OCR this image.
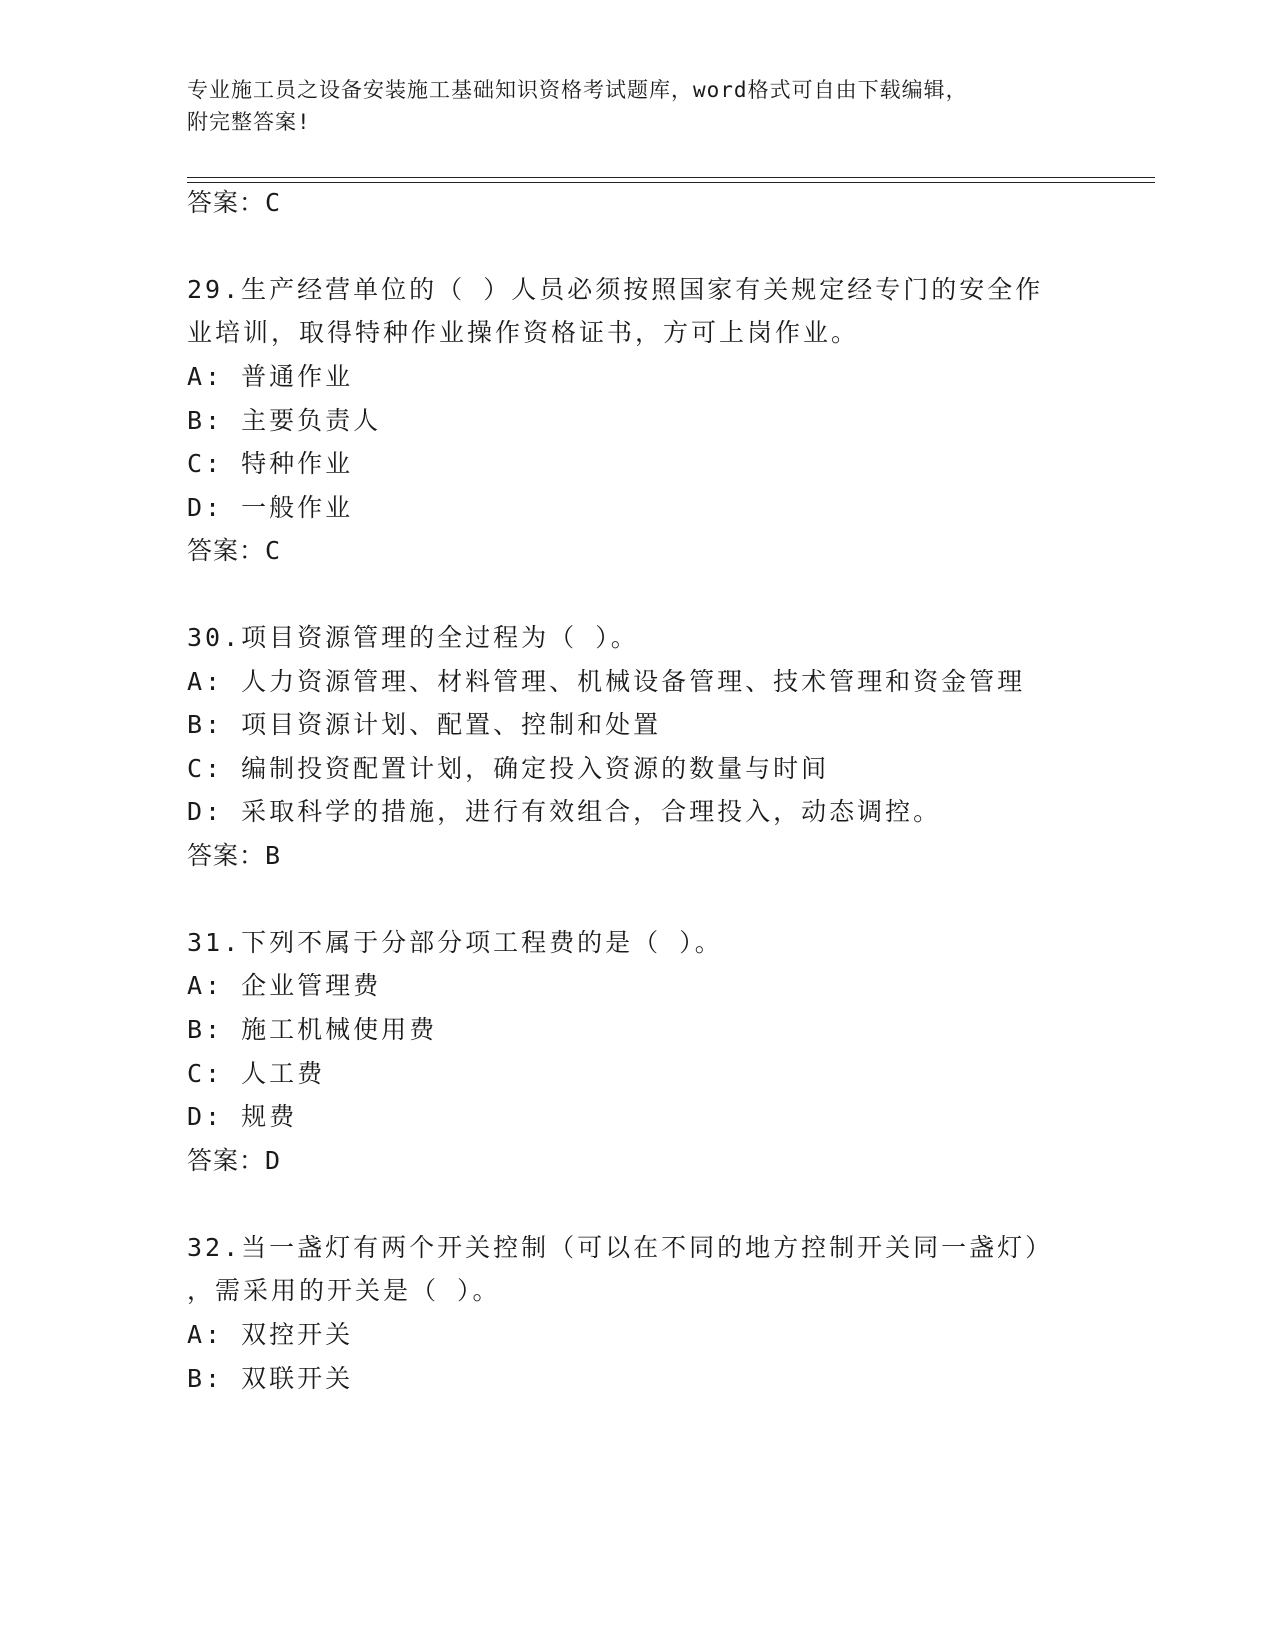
专业施工员之设备安装施工基础知识资格考试题库，word格式可自由下载编辑，
附完整答案!
答案：C
29.生产经营单位的（ ）人员必须按照国家有关规定经专门的安全作
业培训，取得特种作业操作资格证书，方可上岗作业。
A: 普通作业
B: 主要负责人
C: 特种作业
D: 一般作业
答案：C
30.项目资源管理的全过程为（ ）。
A: 人力资源管理、材料管理、机械设备管理、技术管理和资金管理
B: 项目资源计划、配置、控制和处置
C: 编制投资配置计划，确定投入资源的数量与时间
D: 采取科学的措施，进行有效组合，合理投入，动态调控。
答案：B
31.下列不属于分部分项工程费的是（ ）。
A: 企业管理费
B: 施工机械使用费
C: 人工费
D: 规费
答案：D
32.当一盏灯有两个开关控制（可以在不同的地方控制开关同一盏灯）
，需采用的开关是（ ）。
A: 双控开关
B: 双联开关
